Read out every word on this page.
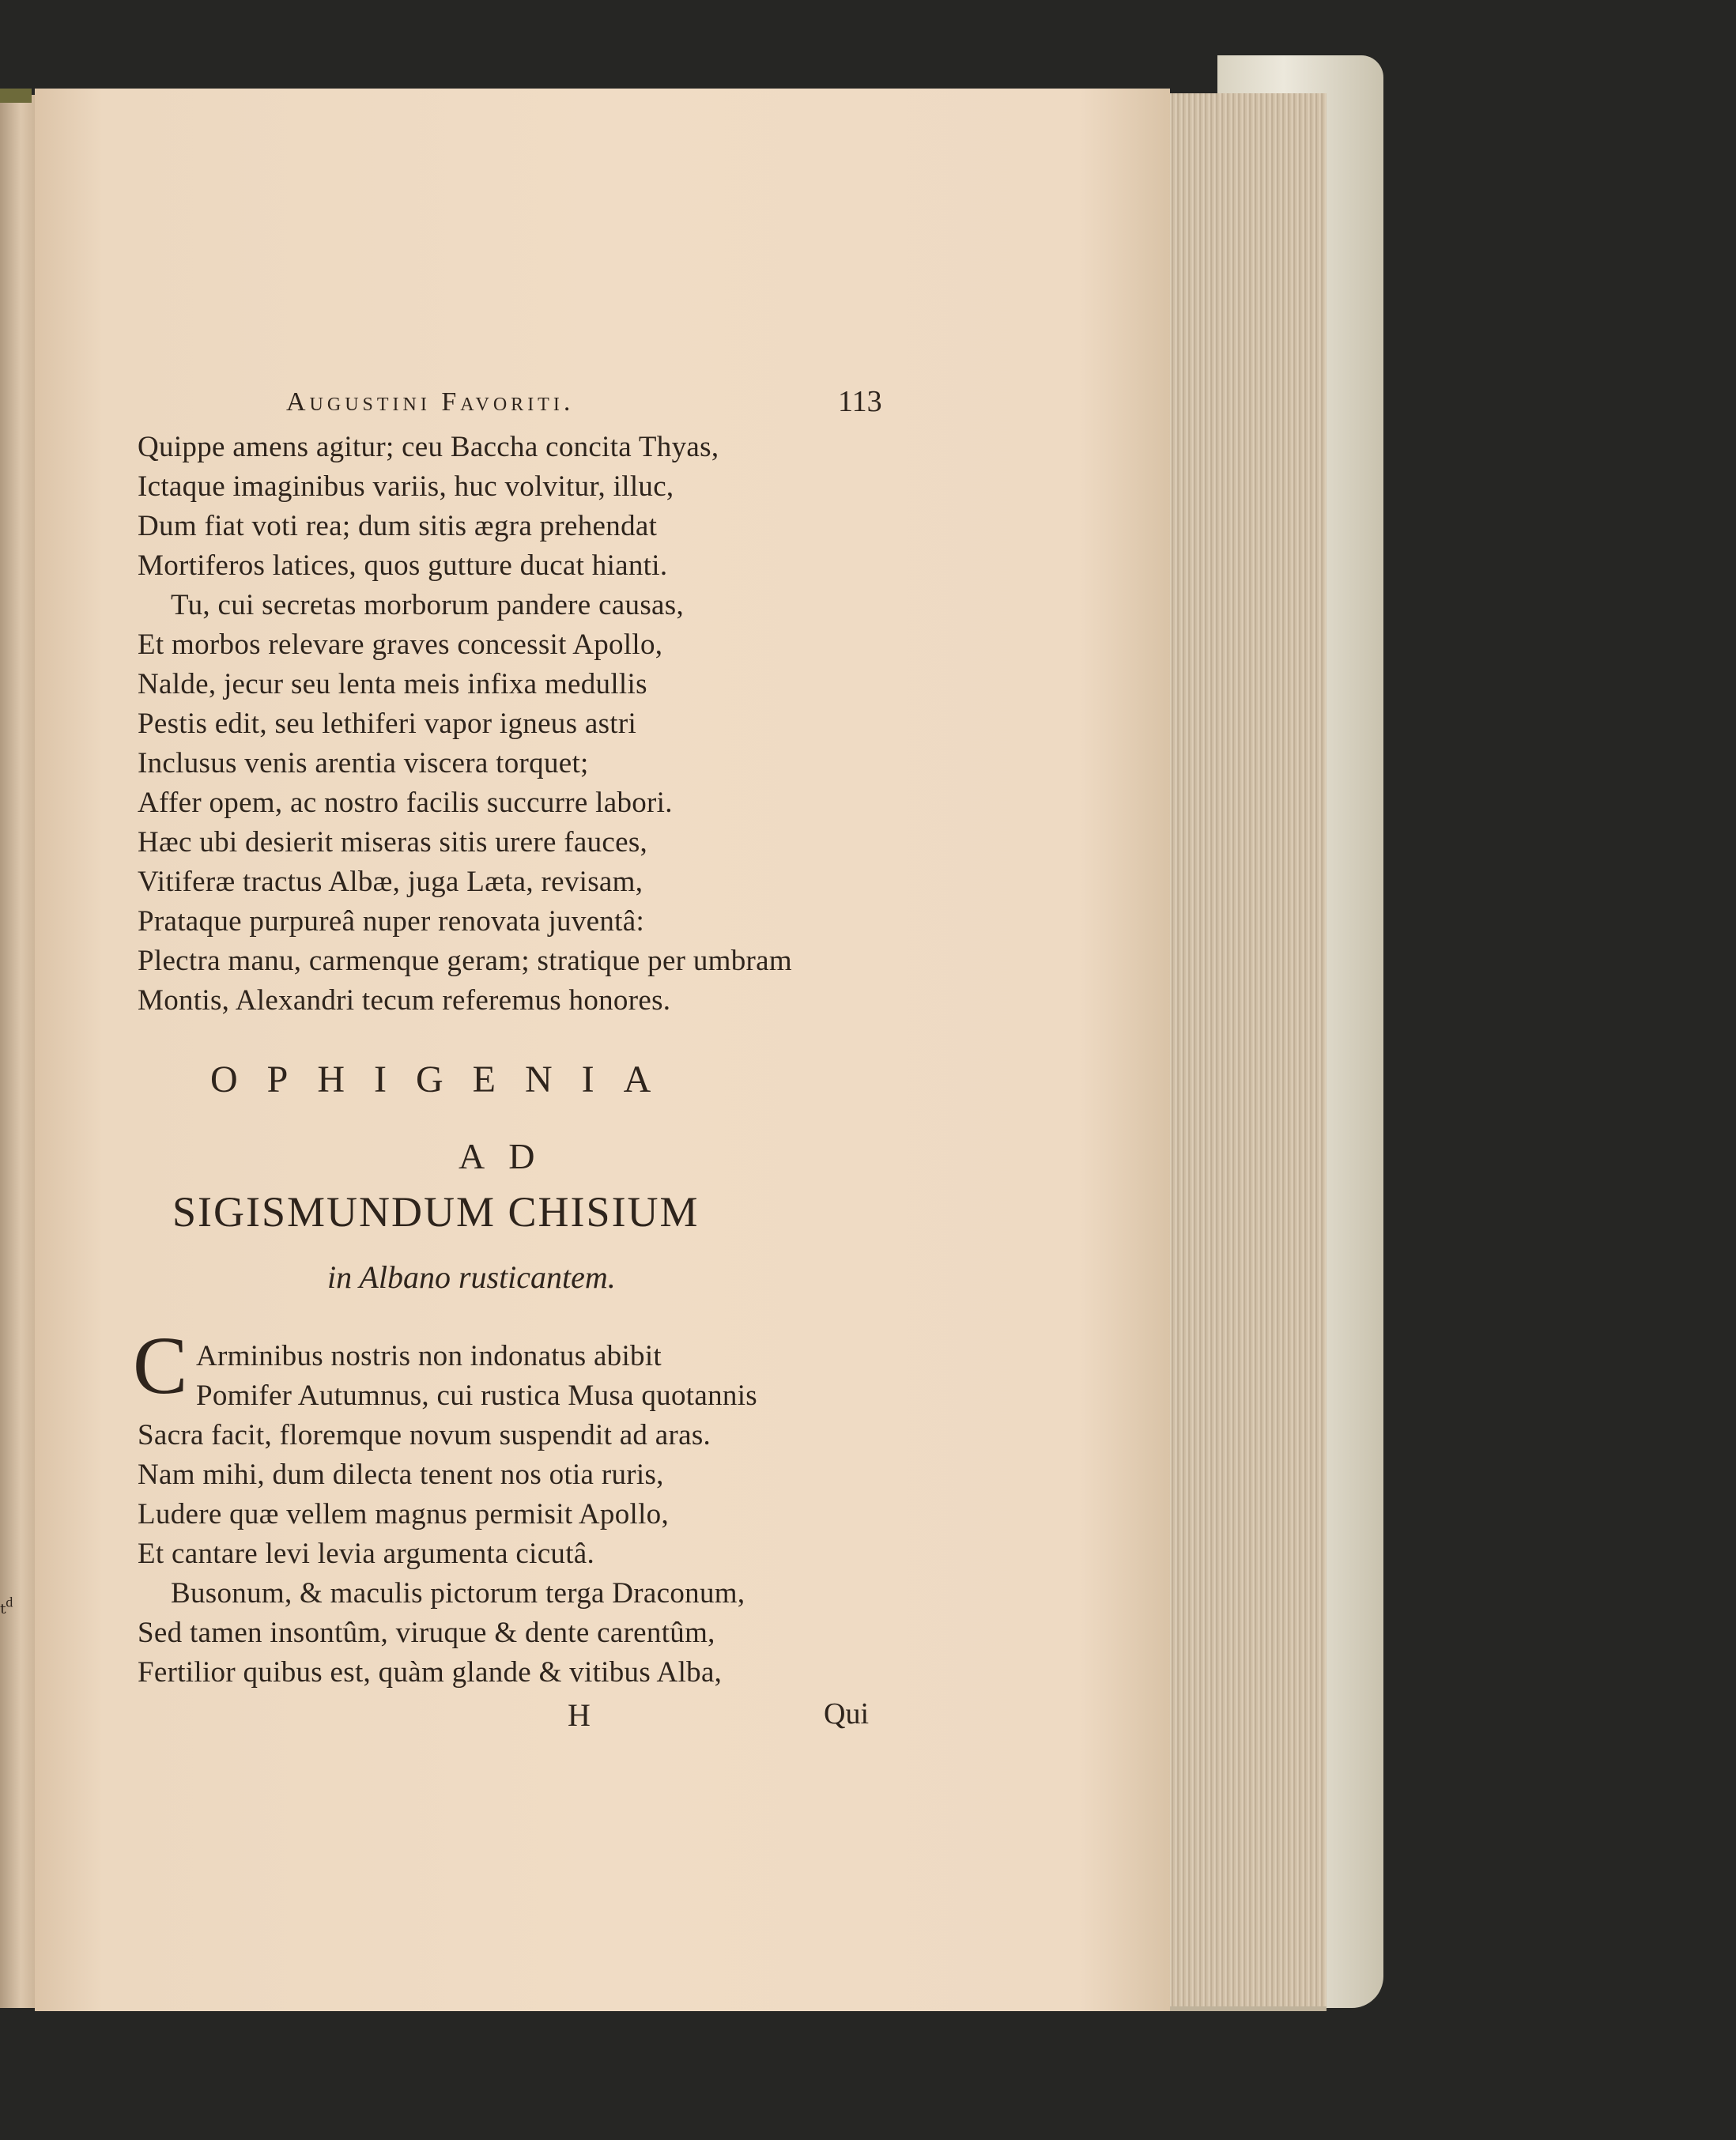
ₜᵈ
Augustini Favoriti.	113
Quippe amens agitur; ceu Baccha concita Thyas,
Ictaque imaginibus variis, huc volvitur, illuc,
Dum fiat voti rea; dum sitis ægra prehendat
Mortiferos latices, quos gutture ducat hianti.
Tu, cui secretas morborum pandere causas,
Et morbos relevare graves concessit Apollo,
Nalde, jecur seu lenta meis infixa medullis
Pestis edit, seu lethiferi vapor igneus astri
Inclusus venis arentia viscera torquet;
Affer opem, ac nostro facilis succurre labori.
Hæc ubi desierit miseras sitis urere fauces,
Vitiferæ tractus Albæ, juga Læta, revisam,
Prataque purpureâ nuper renovata juventâ:
Plectra manu, carmenque geram; stratique per umbram
Montis, Alexandri tecum referemus honores.
OPHIGENIA
AD
SIGISMUNDUM CHISIUM
in Albano rusticantem.
C Arminibus nostris non indonatus abibit
Pomifer Autumnus, cui rustica Musa quotannis
Sacra facit, floremque novum suspendit ad aras.
Nam mihi, dum dilecta tenent nos otia ruris,
Ludere quæ vellem magnus permisit Apollo,
Et cantare levi levia argumenta cicutâ.
Busonum, & maculis pictorum terga Draconum,
Sed tamen insontûm, viruque & dente carentûm,
Fertilior quibus est, quàm glande & vitibus Alba,
H	Qui
